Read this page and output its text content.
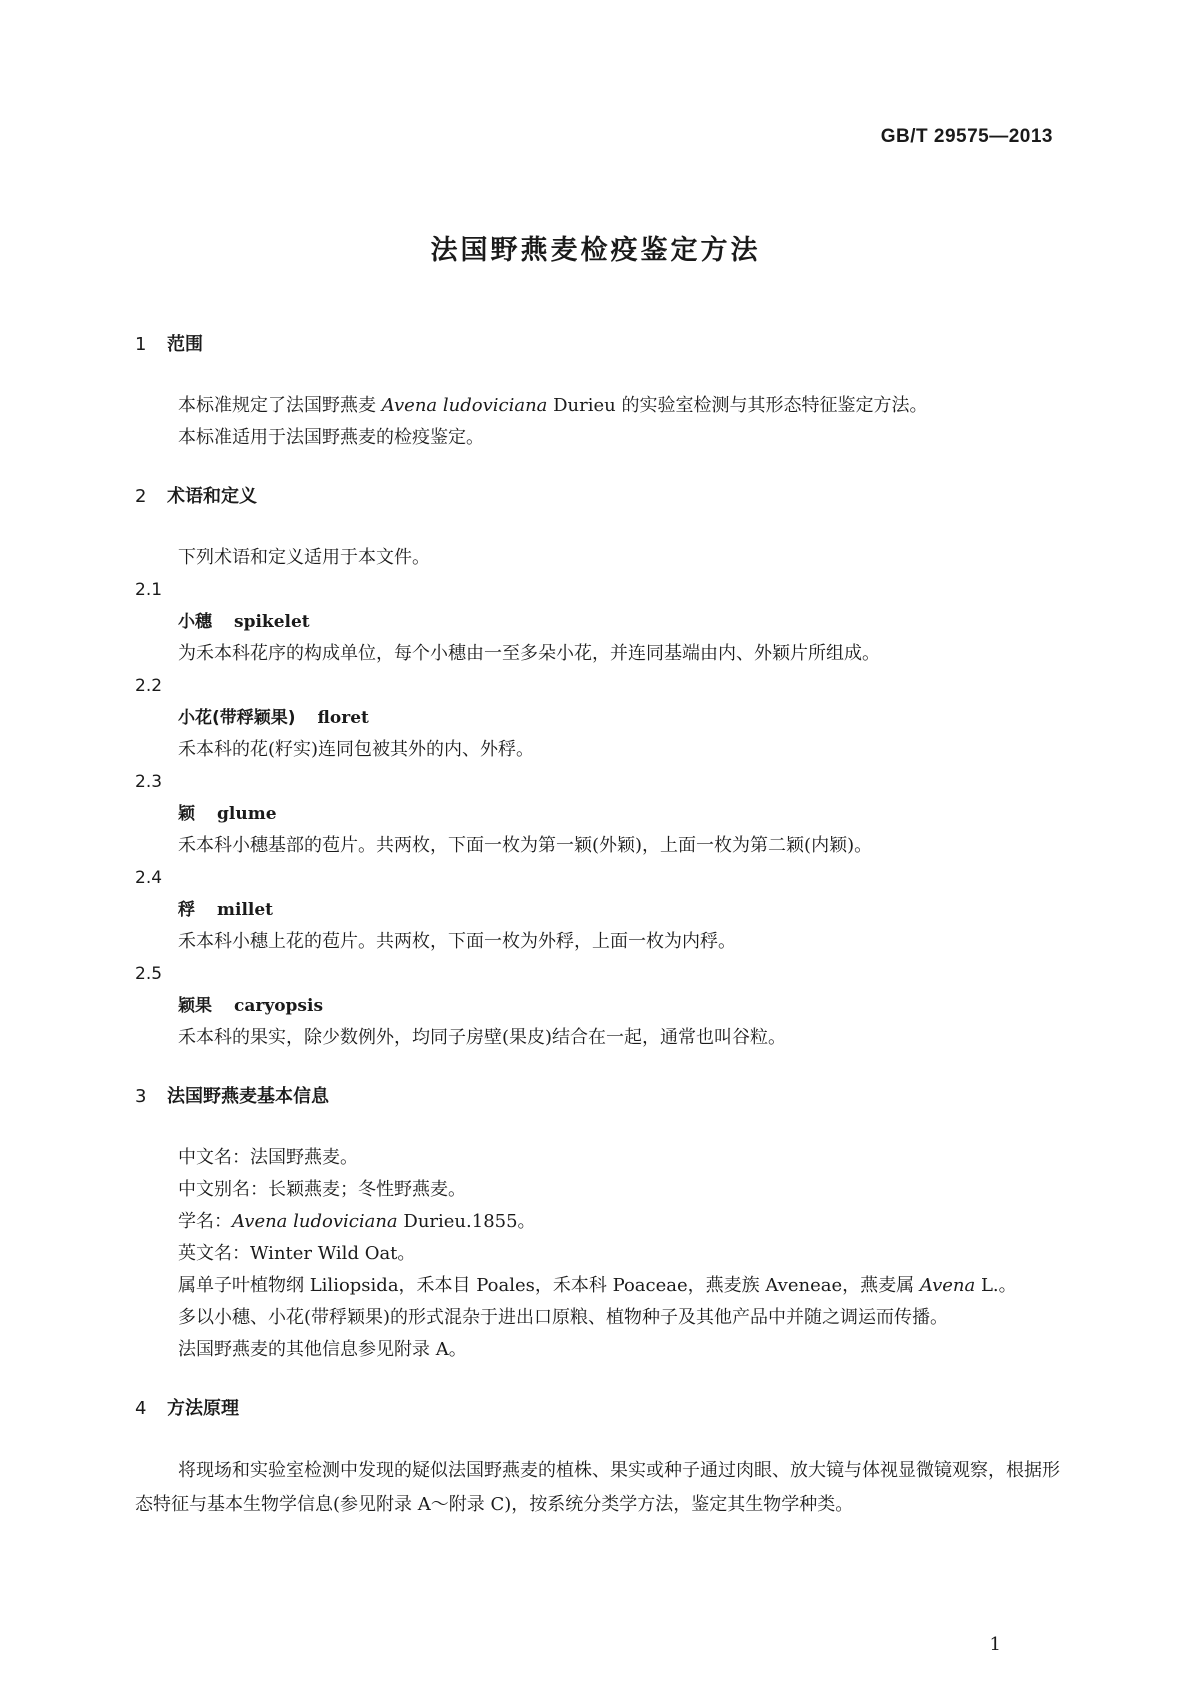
GB/T 29575—2013
法国野燕麦检疫鉴定方法
1 范围
本标准规定了法国野燕麦 Avena ludoviciana Durieu 的实验室检测与其形态特征鉴定方法。
本标准适用于法国野燕麦的检疫鉴定。
2 术语和定义
下列术语和定义适用于本文件。
2.1
小穗 spikelet
为禾本科花序的构成单位，每个小穗由一至多朵小花，并连同基端由内、外颖片所组成。
2.2
小花(带稃颖果) floret
禾本科的花(籽实)连同包被其外的内、外稃。
2.3
颖 glume
禾本科小穗基部的苞片。共两枚，下面一枚为第一颖(外颖)，上面一枚为第二颖(内颖)。
2.4
稃 millet
禾本科小穗上花的苞片。共两枚，下面一枚为外稃，上面一枚为内稃。
2.5
颖果 caryopsis
禾本科的果实，除少数例外，均同子房壁(果皮)结合在一起，通常也叫谷粒。
3 法国野燕麦基本信息
中文名：法国野燕麦。
中文别名：长颖燕麦；冬性野燕麦。
学名：Avena ludoviciana Durieu.1855。
英文名：Winter Wild Oat。
属单子叶植物纲 Liliopsida，禾本目 Poales，禾本科 Poaceae，燕麦族 Aveneae，燕麦属 Avena L.。
多以小穗、小花(带稃颖果)的形式混杂于进出口原粮、植物种子及其他产品中并随之调运而传播。
法国野燕麦的其他信息参见附录 A。
4 方法原理
将现场和实验室检测中发现的疑似法国野燕麦的植株、果实或种子通过肉眼、放大镜与体视显微镜观察，根据形态特征与基本生物学信息(参见附录 A～附录 C)，按系统分类学方法，鉴定其生物学种类。
1
